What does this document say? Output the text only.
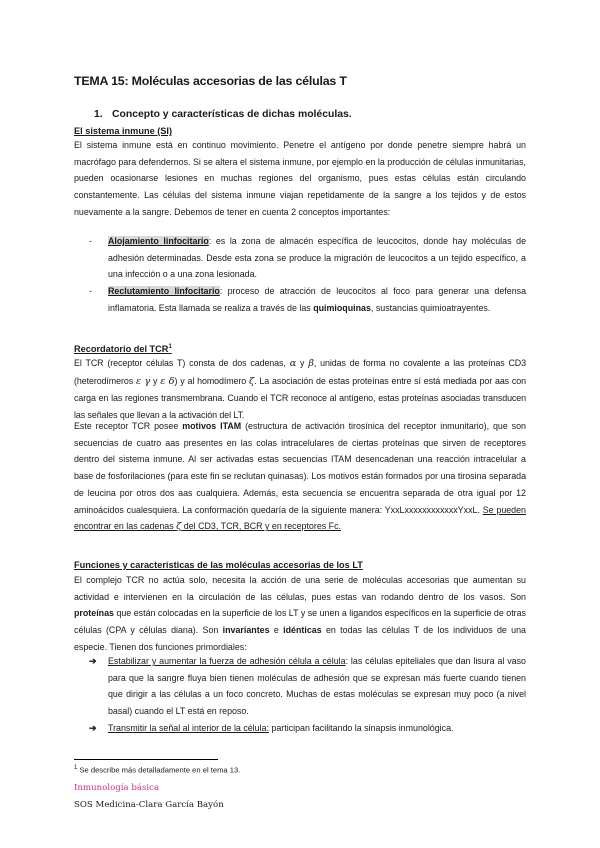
TEMA 15: Moléculas accesorias de las células T
1. Concepto y características de dichas moléculas.
El sistema inmune (SI)
El sistema inmune está en continuo movimiento. Penetre el antígeno por donde penetre siempre habrá un macrófago para defendernos. Si se altera el sistema inmune, por ejemplo en la producción de células inmunitarias, pueden ocasionarse lesiones en muchas regiones del organismo, pues estas células están circulando constantemente. Las células del sistema inmune viajan repetidamente de la sangre a los tejidos y de estos nuevamente a la sangre. Debemos de tener en cuenta 2 conceptos importantes:
- Alojamiento linfocitario: es la zona de almacén específica de leucocitos, donde hay moléculas de adhesión determinadas. Desde esta zona se produce la migración de leucocitos a un tejido específico, a una infección o a una zona lesionada.
- Reclutamiento linfocitario: proceso de atracción de leucocitos al foco para generar una defensa inflamatoria. Esta llamada se realiza a través de las quimioquinas, sustancias quimioatrayentes.
Recordatorio del TCR$^1$
El TCR (receptor células T) consta de dos cadenas, α y β, unidas de forma no covalente a las proteínas CD3 (heterodímeros ε γ y ε δ) y al homodímero ζ. La asociación de estas proteínas entre sí está mediada por aas con carga en las regiones transmembrana. Cuando el TCR reconoce al antígeno, estas proteínas asociadas transducen las señales que llevan a la activación del LT.
Este receptor TCR posee motivos ITAM (estructura de activación tirosínica del receptor inmunitario), que son secuencias de cuatro aas presentes en las colas intracelulares de ciertas proteínas que sirven de receptores dentro del sistema inmune. Al ser activadas estas secuencias ITAM desencadenan una reacción intracelular a base de fosforilaciones (para este fin se reclutan quinasas). Los motivos están formados por una tirosina separada de leucina por otros dos aas cualquiera. Además, esta secuencia se encuentra separada de otra igual por 12 aminoácidos cualesquiera. La conformación quedaría de la siguiente manera: YxxLxxxxxxxxxxxxYxxL. Se pueden encontrar en las cadenas ζ del CD3, TCR, BCR y en receptores Fc.
Funciones y características de las moléculas accesorias de los LT
El complejo TCR no actúa solo, necesita la acción de una serie de moléculas accesorias que aumentan su actividad e intervienen en la circulación de las células, pues estas van rodando dentro de los vasos. Son proteínas que están colocadas en la superficie de los LT y se unen a ligandos específicos en la superficie de otras células (CPA y células diana). Son invariantes e idénticas en todas las células T de los individuos de una especie. Tienen dos funciones primordiales:
➔ Estabilizar y aumentar la fuerza de adhesión célula a célula: las células epiteliales que dan lisura al vaso para que la sangre fluya bien tienen moléculas de adhesión que se expresan más fuerte cuando tienen que dirigir a las células a un foco concreto. Muchas de estas moléculas se expresan muy poco (a nivel basal) cuando el LT está en reposo.
➔ Transmitir la señal al interior de la célula: participan facilitando la sinapsis inmunológica.
$^1$ Se describe más detalladamente en el tema 13.
Inmunología básica
SOS Medicina-Clara García Bayón
